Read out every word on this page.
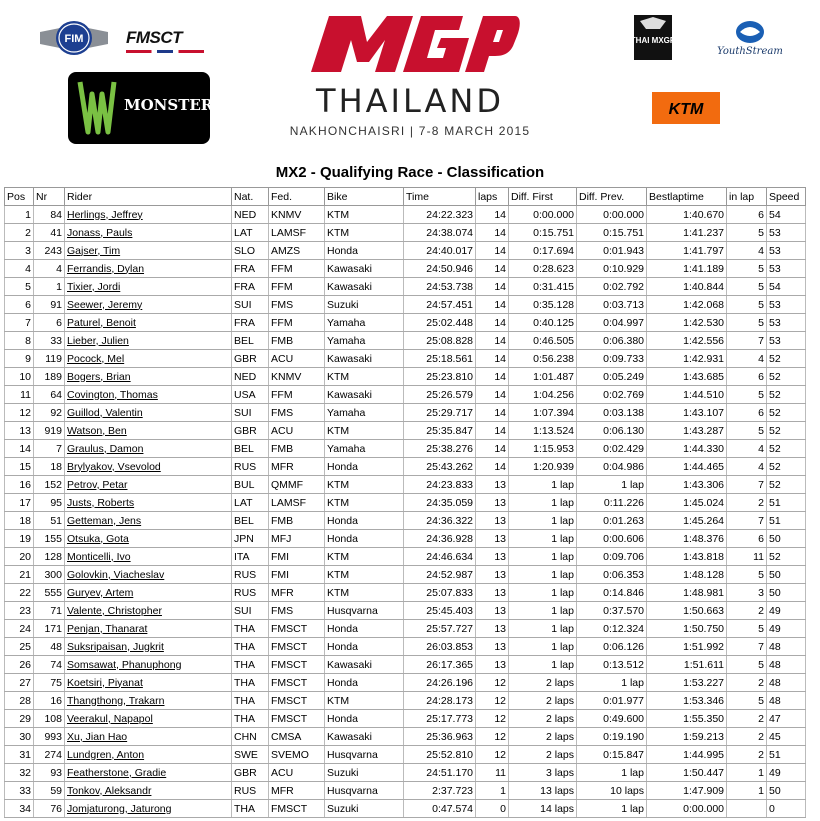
FIM	FMSCT
MONSTER ENERGY
MXGP
THAILAND
NAKHONCHAISRI | 7-8 MARCH 2015
THAI MXGP
YouthStream
KTM
MX2 - Qualifying Race - Classification
Pos	Nr	Rider	Nat.	Fed.	Bike	Time	laps	Diff. First	Diff. Prev.	Bestlaptime	in lap	Speed
1	84	Herlings, Jeffrey	NED	KNMV	KTM	24:22.323	14	0:00.000	0:00.000	1:40.670	6	54
2	41	Jonass, Pauls	LAT	LAMSF	KTM	24:38.074	14	0:15.751	0:15.751	1:41.237	5	53
3	243	Gajser, Tim	SLO	AMZS	Honda	24:40.017	14	0:17.694	0:01.943	1:41.797	4	53
4	4	Ferrandis, Dylan	FRA	FFM	Kawasaki	24:50.946	14	0:28.623	0:10.929	1:41.189	5	53
5	1	Tixier, Jordi	FRA	FFM	Kawasaki	24:53.738	14	0:31.415	0:02.792	1:40.844	5	54
6	91	Seewer, Jeremy	SUI	FMS	Suzuki	24:57.451	14	0:35.128	0:03.713	1:42.068	5	53
7	6	Paturel, Benoit	FRA	FFM	Yamaha	25:02.448	14	0:40.125	0:04.997	1:42.530	5	53
8	33	Lieber, Julien	BEL	FMB	Yamaha	25:08.828	14	0:46.505	0:06.380	1:42.556	7	53
9	119	Pocock, Mel	GBR	ACU	Kawasaki	25:18.561	14	0:56.238	0:09.733	1:42.931	4	52
10	189	Bogers, Brian	NED	KNMV	KTM	25:23.810	14	1:01.487	0:05.249	1:43.685	6	52
11	64	Covington, Thomas	USA	FFM	Kawasaki	25:26.579	14	1:04.256	0:02.769	1:44.510	5	52
12	92	Guillod, Valentin	SUI	FMS	Yamaha	25:29.717	14	1:07.394	0:03.138	1:43.107	6	52
13	919	Watson, Ben	GBR	ACU	KTM	25:35.847	14	1:13.524	0:06.130	1:43.287	5	52
14	7	Graulus, Damon	BEL	FMB	Yamaha	25:38.276	14	1:15.953	0:02.429	1:44.330	4	52
15	18	Brylyakov, Vsevolod	RUS	MFR	Honda	25:43.262	14	1:20.939	0:04.986	1:44.465	4	52
16	152	Petrov, Petar	BUL	QMMF	KTM	24:23.833	13	1 lap	1 lap	1:43.306	7	52
17	95	Justs, Roberts	LAT	LAMSF	KTM	24:35.059	13	1 lap	0:11.226	1:45.024	2	51
18	51	Getteman, Jens	BEL	FMB	Honda	24:36.322	13	1 lap	0:01.263	1:45.264	7	51
19	155	Otsuka, Gota	JPN	MFJ	Honda	24:36.928	13	1 lap	0:00.606	1:48.376	6	50
20	128	Monticelli, Ivo	ITA	FMI	KTM	24:46.634	13	1 lap	0:09.706	1:43.818	11	52
21	300	Golovkin, Viacheslav	RUS	FMI	KTM	24:52.987	13	1 lap	0:06.353	1:48.128	5	50
22	555	Guryev, Artem	RUS	MFR	KTM	25:07.833	13	1 lap	0:14.846	1:48.981	3	50
23	71	Valente, Christopher	SUI	FMS	Husqvarna	25:45.403	13	1 lap	0:37.570	1:50.663	2	49
24	171	Penjan, Thanarat	THA	FMSCT	Honda	25:57.727	13	1 lap	0:12.324	1:50.750	5	49
25	48	Suksripaisan, Jugkrit	THA	FMSCT	Honda	26:03.853	13	1 lap	0:06.126	1:51.992	7	48
26	74	Somsawat, Phanuphong	THA	FMSCT	Kawasaki	26:17.365	13	1 lap	0:13.512	1:51.611	5	48
27	75	Koetsiri, Piyanat	THA	FMSCT	Honda	24:26.196	12	2 laps	1 lap	1:53.227	2	48
28	16	Thangthong, Trakarn	THA	FMSCT	KTM	24:28.173	12	2 laps	0:01.977	1:53.346	5	48
29	108	Veerakul, Napapol	THA	FMSCT	Honda	25:17.773	12	2 laps	0:49.600	1:55.350	2	47
30	993	Xu, Jian Hao	CHN	CMSA	Kawasaki	25:36.963	12	2 laps	0:19.190	1:59.213	2	45
31	274	Lundgren, Anton	SWE	SVEMO	Husqvarna	25:52.810	12	2 laps	0:15.847	1:44.995	2	51
32	93	Featherstone, Gradie	GBR	ACU	Suzuki	24:51.170	11	3 laps	1 lap	1:50.447	1	49
33	59	Tonkov, Aleksandr	RUS	MFR	Husqvarna	2:37.723	1	13 laps	10 laps	1:47.909	1	50
34	76	Jomjaturong, Jaturong	THA	FMSCT	Suzuki	0:47.574	0	14 laps	1 lap	0:00.000		0
